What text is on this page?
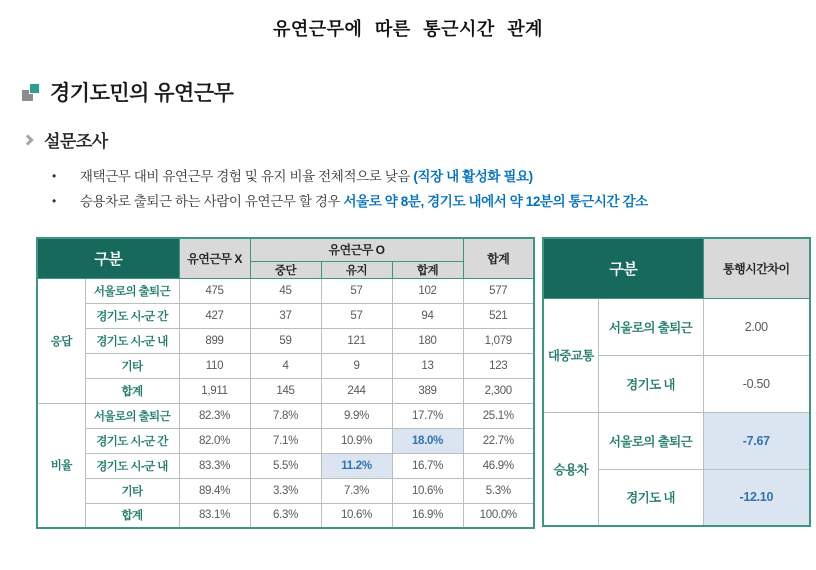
유연근무에 따른 통근시간 관계
경기도민의 유연근무
설문조사
• 재택근무 대비 유연근무 경험 및 유지 비율 전체적으로 낮음 (직장 내 활성화 필요)
• 승용차로 출퇴근 하는 사람이 유연근무 할 경우 서울로 약 8분, 경기도 내에서 약 12분의 통근시간 감소
구분		유연근무 X	유연근무 O			합계
			중단	유지	합계	
응답	서울로의 출퇴근	475	45	57	102	577
	경기도 시-군 간	427	37	57	94	521
	경기도 시-군 내	899	59	121	180	1,079
	기타	110	4	9	13	123
	합계	1,911	145	244	389	2,300
비율	서울로의 출퇴근	82.3%	7.8%	9.9%	17.7%	25.1%
	경기도 시-군 간	82.0%	7.1%	10.9%	18.0%	22.7%
	경기도 시-군 내	83.3%	5.5%	11.2%	16.7%	46.9%
	기타	89.4%	3.3%	7.3%	10.6%	5.3%
	합계	83.1%	6.3%	10.6%	16.9%	100.0%
구분		통행시간차이
대중교통	서울로의 출퇴근	2.00
	경기도 내	-0.50
승용차	서울로의 출퇴근	-7.67
	경기도 내	-12.10
